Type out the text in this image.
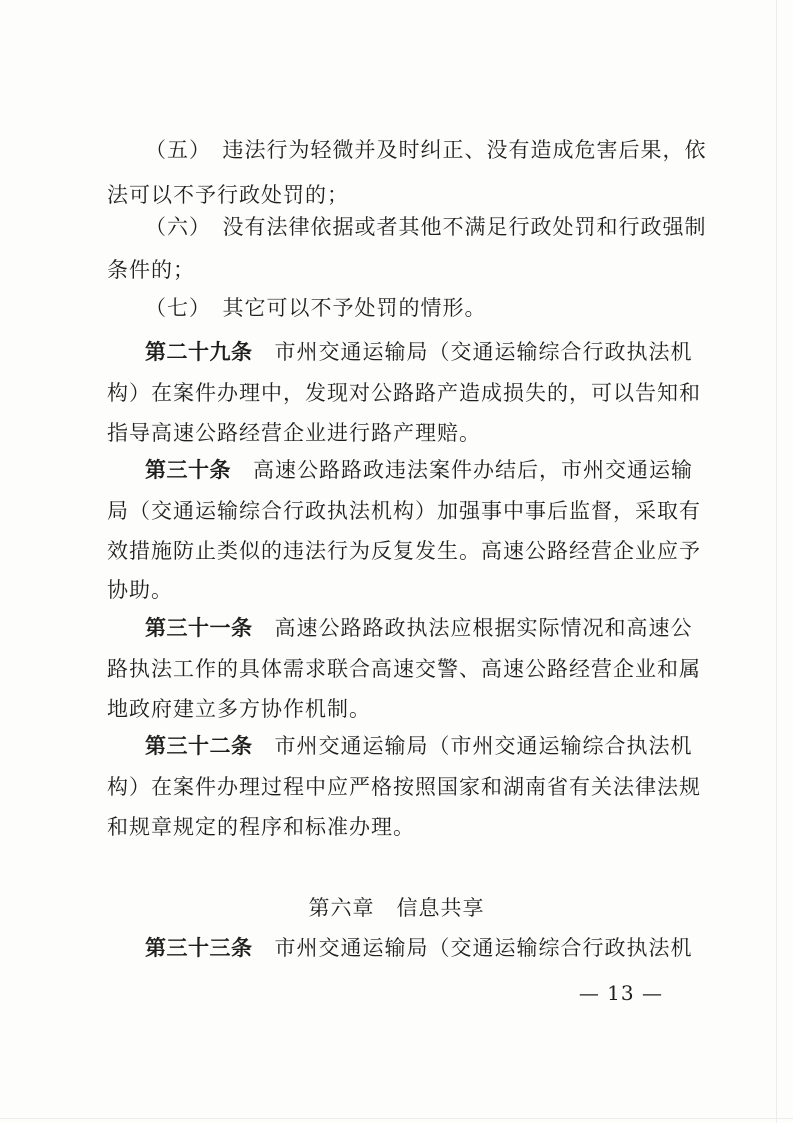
（五）　违法行为轻微并及时纠正、没有造成危害后果，依
法可以不予行政处罚的；
（六）　没有法律依据或者其他不满足行政处罚和行政强制
条件的；
（七）　其它可以不予处罚的情形。
第二十九条　市州交通运输局（交通运输综合行政执法机
构）在案件办理中，发现对公路路产造成损失的，可以告知和
指导高速公路经营企业进行路产理赔。
第三十条　高速公路路政违法案件办结后，市州交通运输
局（交通运输综合行政执法机构）加强事中事后监督，采取有
效措施防止类似的违法行为反复发生。高速公路经营企业应予
协助。
第三十一条　高速公路路政执法应根据实际情况和高速公
路执法工作的具体需求联合高速交警、高速公路经营企业和属
地政府建立多方协作机制。
第三十二条　市州交通运输局（市州交通运输综合执法机
构）在案件办理过程中应严格按照国家和湖南省有关法律法规
和规章规定的程序和标准办理。
第六章　信息共享
第三十三条　市州交通运输局（交通运输综合行政执法机
— 13 —
